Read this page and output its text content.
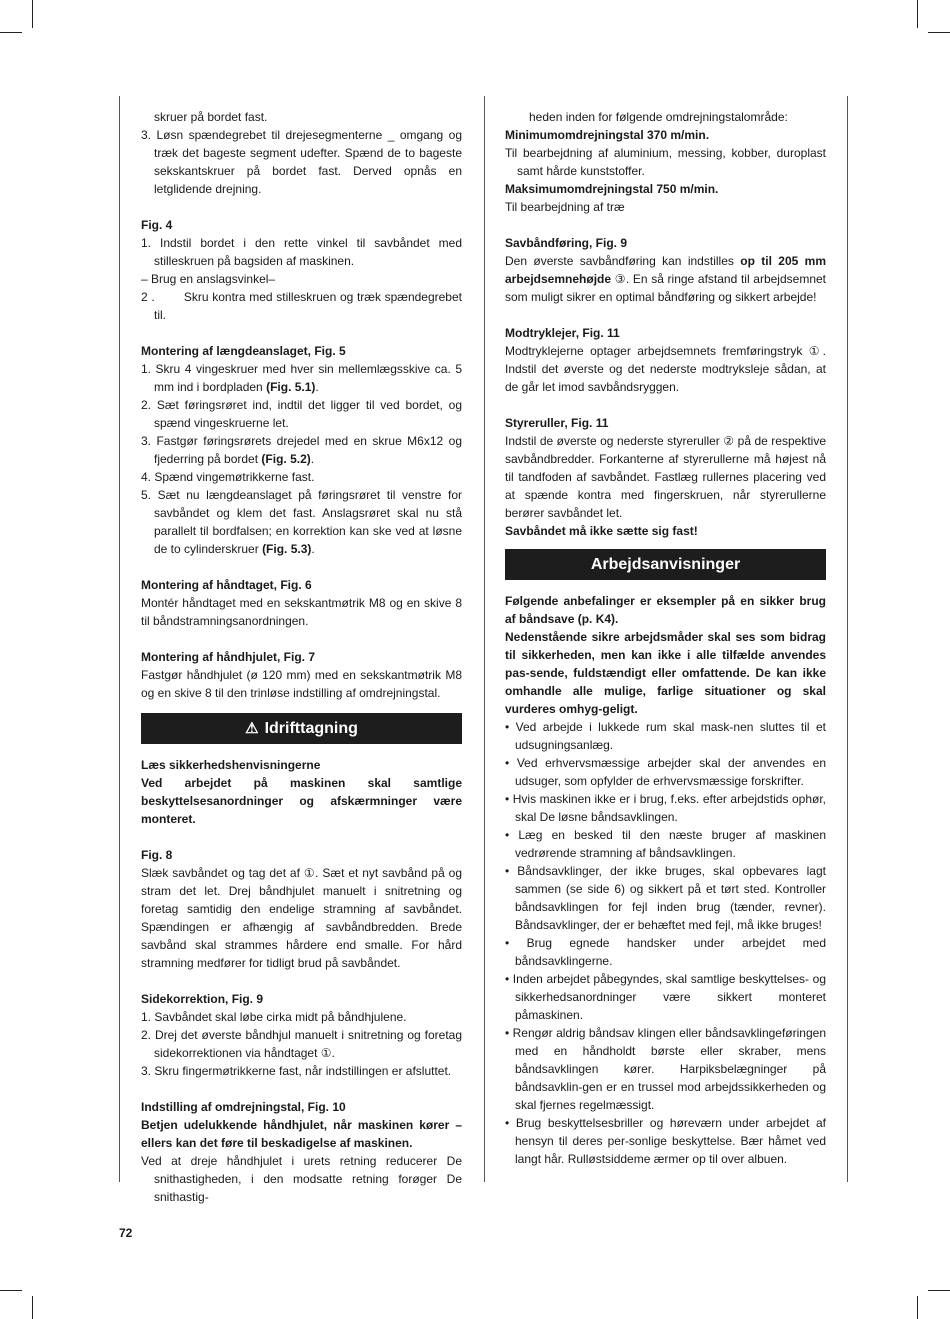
skruer på bordet fast.

3. Løsn spændegrebet til drejesegmenterne _ omgang og træk det bageste segment udefter. Spænd de to bageste sekskantskruer på bordet fast. Derved opnås en letglidende drejning.

Fig. 4

1. Indstil bordet i den rette vinkel til savbåndet med stilleskruen på bagsiden af maskinen.

– Brug en anslagsvinkel–

2 .        Skru kontra med stilleskruen og træk spændegrebet til.

Montering af længdeanslaget, Fig. 5

1. Skru 4 vingeskruer med hver sin mellemlægsskive ca. 5 mm ind i bordpladen (Fig. 5.1).

2. Sæt føringsrøret ind, indtil det ligger til ved bordet, og spænd vingeskruerne let.

3. Fastgør føringsrørets drejedel med en skrue M6x12 og fjederring på bordet (Fig. 5.2).

4. Spænd vingemøtrikkerne fast.

5. Sæt nu længdeanslaget på føringsrøret til venstre for savbåndet og klem det fast. Anslagsrøret skal nu stå parallelt til bordfalsen; en korrektion kan ske ved at løsne de to cylinderskruer (Fig. 5.3).

Montering af håndtaget, Fig. 6

Montér håndtaget med en sekskantmøtrik M8 og en skive 8 til båndstramningsanordningen.

Montering af håndhjulet, Fig. 7

Fastgør håndhjulet (ø 120 mm) med en sekskantmøtrik M8 og en skive 8 til den trinløse indstilling af omdrejningstal.

⚠ Idrifttagning

Læs sikkerhedshenvisningerne

Ved arbejdet på maskinen skal samtlige beskyttelsesanordninger og afskærmninger være monteret.

Fig. 8

Slæk savbåndet og tag det af ①. Sæt et nyt savbånd på og stram det let. Drej båndhjulet manuelt i snitretning og foretag samtidig den endelige stramning af savbåndet. Spændingen er afhængig af savbåndbredden. Brede savbånd skal strammes hårdere end smalle. For hård stramning medfører for tidligt brud på savbåndet.

Sidekorrektion, Fig. 9

1. Savbåndet skal løbe cirka midt på båndhjulene.

2. Drej det øverste båndhjul manuelt i snitretning og foretag sidekorrektionen via håndtaget ①.

3. Skru fingermøtrikkerne fast, når indstillingen er afsluttet.

Indstilling af omdrejningstal, Fig. 10

Betjen udelukkende håndhjulet, når maskinen kører – ellers kan det føre til beskadigelse af maskinen.

Ved at dreje håndhjulet i urets retning reducerer De snithastigheden, i den modsatte retning forøger De snithastig-

heden inden for følgende omdrejningstalområde:

Minimumomdrejningstal 370 m/min.

Til bearbejdning af aluminium, messing, kobber, duroplast samt hårde kunststoffer.

Maksimumomdrejningstal 750 m/min.

Til bearbejdning af træ

Savbåndføring, Fig. 9

Den øverste savbåndføring kan indstilles op til 205 mm arbejdsemnehøjde ③. En så ringe afstand til arbejdsemnet som muligt sikrer en optimal båndføring og sikkert arbejde!

Modtryklejer, Fig. 11

Modtryklejerne optager arbejdsemnets fremføringstryk ①. Indstil det øverste og det nederste modtryksleje sådan, at de går let imod savbåndsryggen.

Styreruller, Fig. 11

Indstil de øverste og nederste styreruller ② på de respektive savbåndbredder. Forkanterne af styrerullerne må højest nå til tandfoden af savbåndet. Fastlæg rullernes placering ved at spænde kontra med fingerskruen, når styrerullerne berører savbåndet let.

Savbåndet må ikke sætte sig fast!

Arbejdsanvisninger

Følgende anbefalinger er eksempler på en sikker brug af båndsave (p. K4).

Nedenstående sikre arbejdsmåder skal ses som bidrag til sikkerheden, men kan ikke i alle tilfælde anvendes pas-sende, fuldstændigt eller omfattende. De kan ikke omhandle alle mulige, farlige situationer og skal vurderes omhyg-geligt.

• Ved arbejde i lukkede rum skal mask-nen sluttes til et udsugningsanlæg.

• Ved erhvervsmæssige arbejder skal der anvendes en udsuger, som opfylder de erhvervsmæssige forskrifter.

• Hvis maskinen ikke er i brug, f.eks. efter arbejdstids ophør, skal De løsne båndsavklingen.

• Læg en besked til den næste bruger af maskinen vedrørende stramning af båndsavklingen.

• Båndsavklinger, der ikke bruges, skal opbevares lagt sammen (se side 6) og sikkert på et tørt sted. Kontroller båndsavklingen for fejl inden brug (tænder, revner). Båndsavklinger, der er behæftet med fejl, må ikke bruges!

• Brug egnede handsker under arbejdet med båndsavklingerne.

• Inden arbejdet påbegyndes, skal samtlige beskyttelses- og sikkerhedsanordninger være sikkert monteret påmaskinen.

• Rengør aldrig båndsav klingen eller båndsavklingeføringen med en håndholdt børste eller skraber, mens båndsavklingen kører. Harpiksbelægninger på båndsavklin-gen er en trussel mod arbejdssikkerheden og skal fjernes regelmæssigt.

• Brug beskyttelsesbriller og høreværn under arbejdet af hensyn til deres per-sonlige beskyttelse. Bær håmet ved langt hår. Rulløstsiddeme ærmer op til over albuen.

72
